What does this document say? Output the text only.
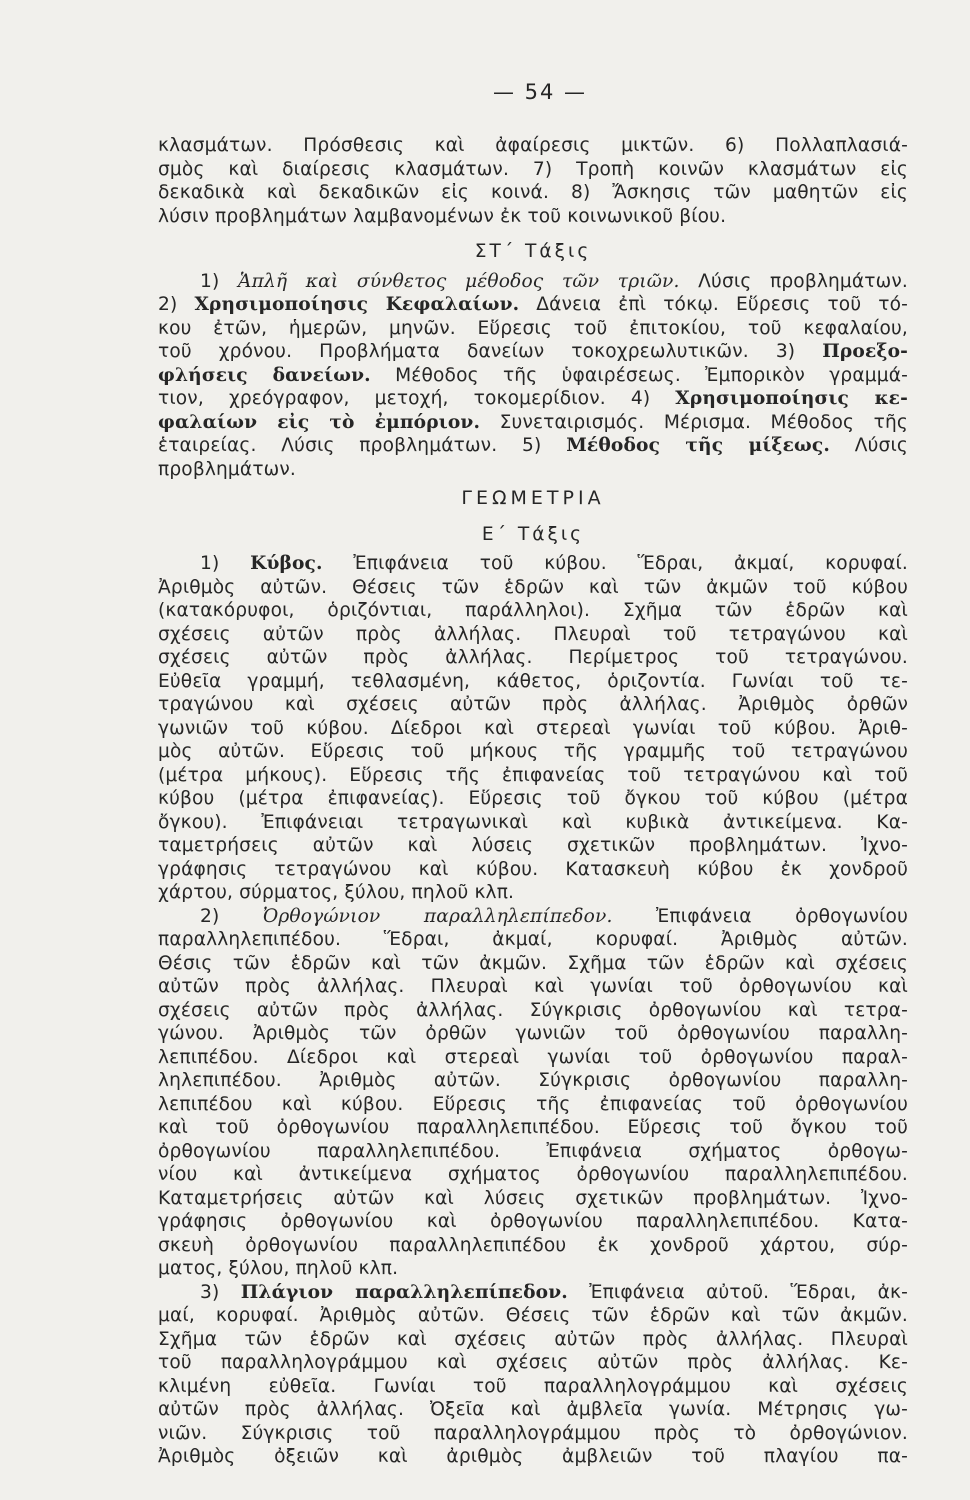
— 54 —
κλασμάτων. Πρόσθεσις καὶ ἀφαίρεσις μικτῶν. 6) Πολλαπλασιά-
σμὸς καὶ διαίρεσις κλασμάτων. 7) Τροπὴ κοινῶν κλασμάτων εἰς
δεκαδικὰ καὶ δεκαδικῶν εἰς κοινά. 8) Ἄσκησις τῶν μαθητῶν εἰς
λύσιν προβλημάτων λαμβανομένων ἐκ τοῦ κοινωνικοῦ βίου.
ΣΤ΄ Τάξις
1) Ἁπλῆ καὶ σύνθετος μέθοδος τῶν τριῶν. Λύσις προβλημάτων.
2) Χρησιμοποίησις Κεφαλαίων. Δάνεια ἐπὶ τόκῳ. Εὕρεσις τοῦ τό-
κου ἐτῶν, ἡμερῶν, μηνῶν. Εὕρεσις τοῦ ἐπιτοκίου, τοῦ κεφαλαίου,
τοῦ χρόνου. Προβλήματα δανείων τοκοχρεωλυτικῶν. 3) Προεξο-
φλήσεις δανείων. Μέθοδος τῆς ὑφαιρέσεως. Ἐμπορικὸν γραμμά-
τιον, χρεόγραφον, μετοχή, τοκομερίδιον. 4) Χρησιμοποίησις κε-
φαλαίων εἰς τὸ ἐμπόριον. Συνεταιρισμός. Μέρισμα. Μέθοδος τῆς
ἑταιρείας. Λύσις προβλημάτων. 5) Μέθοδος τῆς μίξεως. Λύσις
προβλημάτων.
ΓΕΩΜΕΤΡΙΑ
Ε΄ Τάξις
1) Κύβος. Ἐπιφάνεια τοῦ κύβου. Ἕδραι, ἀκμαί, κορυφαί.
Ἀριθμὸς αὐτῶν. Θέσεις τῶν ἑδρῶν καὶ τῶν ἀκμῶν τοῦ κύβου
(κατακόρυφοι, ὁριζόντιαι, παράλληλοι). Σχῆμα τῶν ἑδρῶν καὶ
σχέσεις αὐτῶν πρὸς ἀλλήλας. Πλευραὶ τοῦ τετραγώνου καὶ
σχέσεις αὐτῶν πρὸς ἀλλήλας. Περίμετρος τοῦ τετραγώνου.
Εὐθεῖα γραμμή, τεθλασμένη, κάθετος, ὁριζοντία. Γωνίαι τοῦ τε-
τραγώνου καὶ σχέσεις αὐτῶν πρὸς ἀλλήλας. Ἀριθμὸς ὀρθῶν
γωνιῶν τοῦ κύβου. Δίεδροι καὶ στερεαὶ γωνίαι τοῦ κύβου. Ἀριθ-
μὸς αὐτῶν. Εὕρεσις τοῦ μήκους τῆς γραμμῆς τοῦ τετραγώνου
(μέτρα μήκους). Εὕρεσις τῆς ἐπιφανείας τοῦ τετραγώνου καὶ τοῦ
κύβου (μέτρα ἐπιφανείας). Εὕρεσις τοῦ ὄγκου τοῦ κύβου (μέτρα
ὄγκου). Ἐπιφάνειαι τετραγωνικαὶ καὶ κυβικὰ ἀντικείμενα. Κα-
ταμετρήσεις αὐτῶν καὶ λύσεις σχετικῶν προβλημάτων. Ἰχνο-
γράφησις τετραγώνου καὶ κύβου. Κατασκευὴ κύβου ἐκ χονδροῦ
χάρτου, σύρματος, ξύλου, πηλοῦ κλπ.
2) Ὀρθογώνιον παραλληλεπίπεδον. Ἐπιφάνεια ὀρθογωνίου
παραλληλεπιπέδου. Ἕδραι, ἀκμαί, κορυφαί. Ἀριθμὸς αὐτῶν.
Θέσις τῶν ἑδρῶν καὶ τῶν ἀκμῶν. Σχῆμα τῶν ἑδρῶν καὶ σχέσεις
αὐτῶν πρὸς ἀλλήλας. Πλευραὶ καὶ γωνίαι τοῦ ὀρθογωνίου καὶ
σχέσεις αὐτῶν πρὸς ἀλλήλας. Σύγκρισις ὀρθογωνίου καὶ τετρα-
γώνου. Ἀριθμὸς τῶν ὀρθῶν γωνιῶν τοῦ ὀρθογωνίου παραλλη-
λεπιπέδου. Δίεδροι καὶ στερεαὶ γωνίαι τοῦ ὀρθογωνίου παραλ-
ληλεπιπέδου. Ἀριθμὸς αὐτῶν. Σύγκρισις ὀρθογωνίου παραλλη-
λεπιπέδου καὶ κύβου. Εὕρεσις τῆς ἐπιφανείας τοῦ ὀρθογωνίου
καὶ τοῦ ὀρθογωνίου παραλληλεπιπέδου. Εὕρεσις τοῦ ὄγκου τοῦ
ὀρθογωνίου παραλληλεπιπέδου. Ἐπιφάνεια σχήματος ὀρθογω-
νίου καὶ ἀντικείμενα σχήματος ὀρθογωνίου παραλληλεπιπέδου.
Καταμετρήσεις αὐτῶν καὶ λύσεις σχετικῶν προβλημάτων. Ἰχνο-
γράφησις ὀρθογωνίου καὶ ὀρθογωνίου παραλληλεπιπέδου. Κατα-
σκευὴ ὀρθογωνίου παραλληλεπιπέδου ἐκ χονδροῦ χάρτου, σύρ-
ματος, ξύλου, πηλοῦ κλπ.
3) Πλάγιον παραλληλεπίπεδον. Ἐπιφάνεια αὐτοῦ. Ἕδραι, ἀκ-
μαί, κορυφαί. Ἀριθμὸς αὐτῶν. Θέσεις τῶν ἑδρῶν καὶ τῶν ἀκμῶν.
Σχῆμα τῶν ἑδρῶν καὶ σχέσεις αὐτῶν πρὸς ἀλλήλας. Πλευραὶ
τοῦ παραλληλογράμμου καὶ σχέσεις αὐτῶν πρὸς ἀλλήλας. Κε-
κλιμένη εὐθεῖα. Γωνίαι τοῦ παραλληλογράμμου καὶ σχέσεις
αὐτῶν πρὸς ἀλλήλας. Ὀξεῖα καὶ ἀμβλεῖα γωνία. Μέτρησις γω-
νιῶν. Σύγκρισις τοῦ παραλληλογράμμου πρὸς τὸ ὀρθογώνιον.
Ἀριθμὸς ὀξειῶν καὶ ἀριθμὸς ἀμβλειῶν τοῦ πλαγίου πα-
